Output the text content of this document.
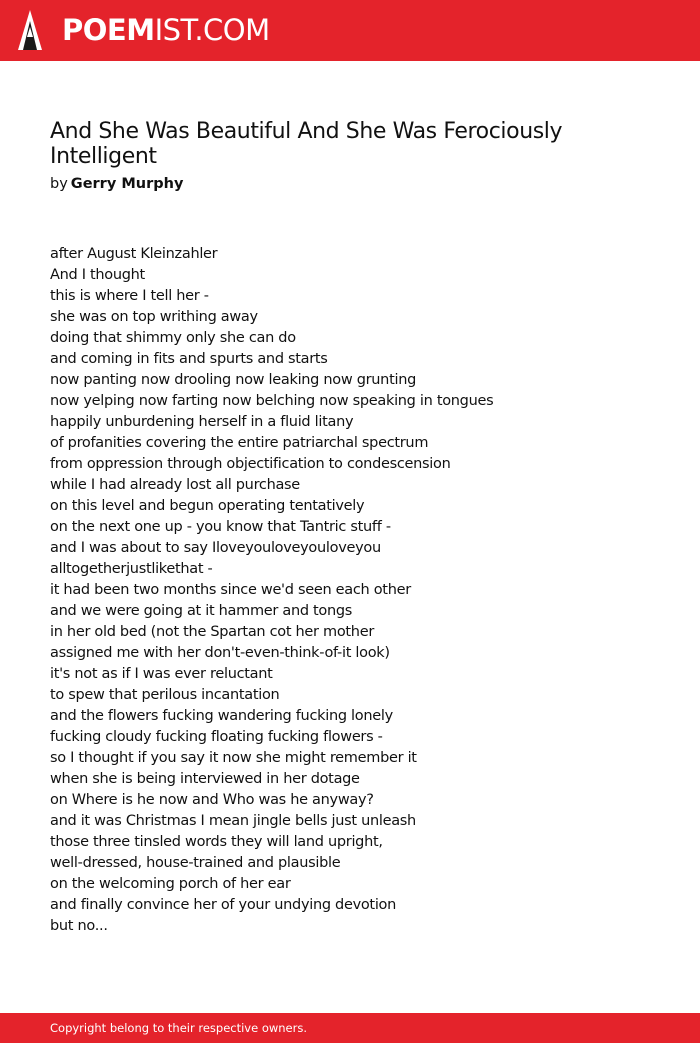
POEMIST.COM
And She Was Beautiful And She Was Ferociously Intelligent
by Gerry Murphy
after August Kleinzahler
And I thought
this is where I tell her -
she was on top writhing away
doing that shimmy only she can do
and coming in fits and spurts and starts
now panting now drooling now leaking now grunting
now yelping now farting now belching now speaking in tongues
happily unburdening herself in a fluid litany
of profanities covering the entire patriarchal spectrum
from oppression through objectification to condescension
while I had already lost all purchase
on this level and begun operating tentatively
on the next one up - you know that Tantric stuff -
and I was about to say Iloveyouloveyouloveyou
alltogetherjustlikethat -
it had been two months since we'd seen each other
and we were going at it hammer and tongs
in her old bed (not the Spartan cot her mother
assigned me with her don't-even-think-of-it look)
it's not as if I was ever reluctant
to spew that perilous incantation
and the flowers fucking wandering fucking lonely
fucking cloudy fucking floating fucking flowers -
so I thought if you say it now she might remember it
when she is being interviewed in her dotage
on Where is he now and Who was he anyway?
and it was Christmas I mean jingle bells just unleash
those three tinsled words they will land upright,
well-dressed, house-trained and plausible
on the welcoming porch of her ear
and finally convince her of your undying devotion
but no...
Copyright belong to their respective owners.
